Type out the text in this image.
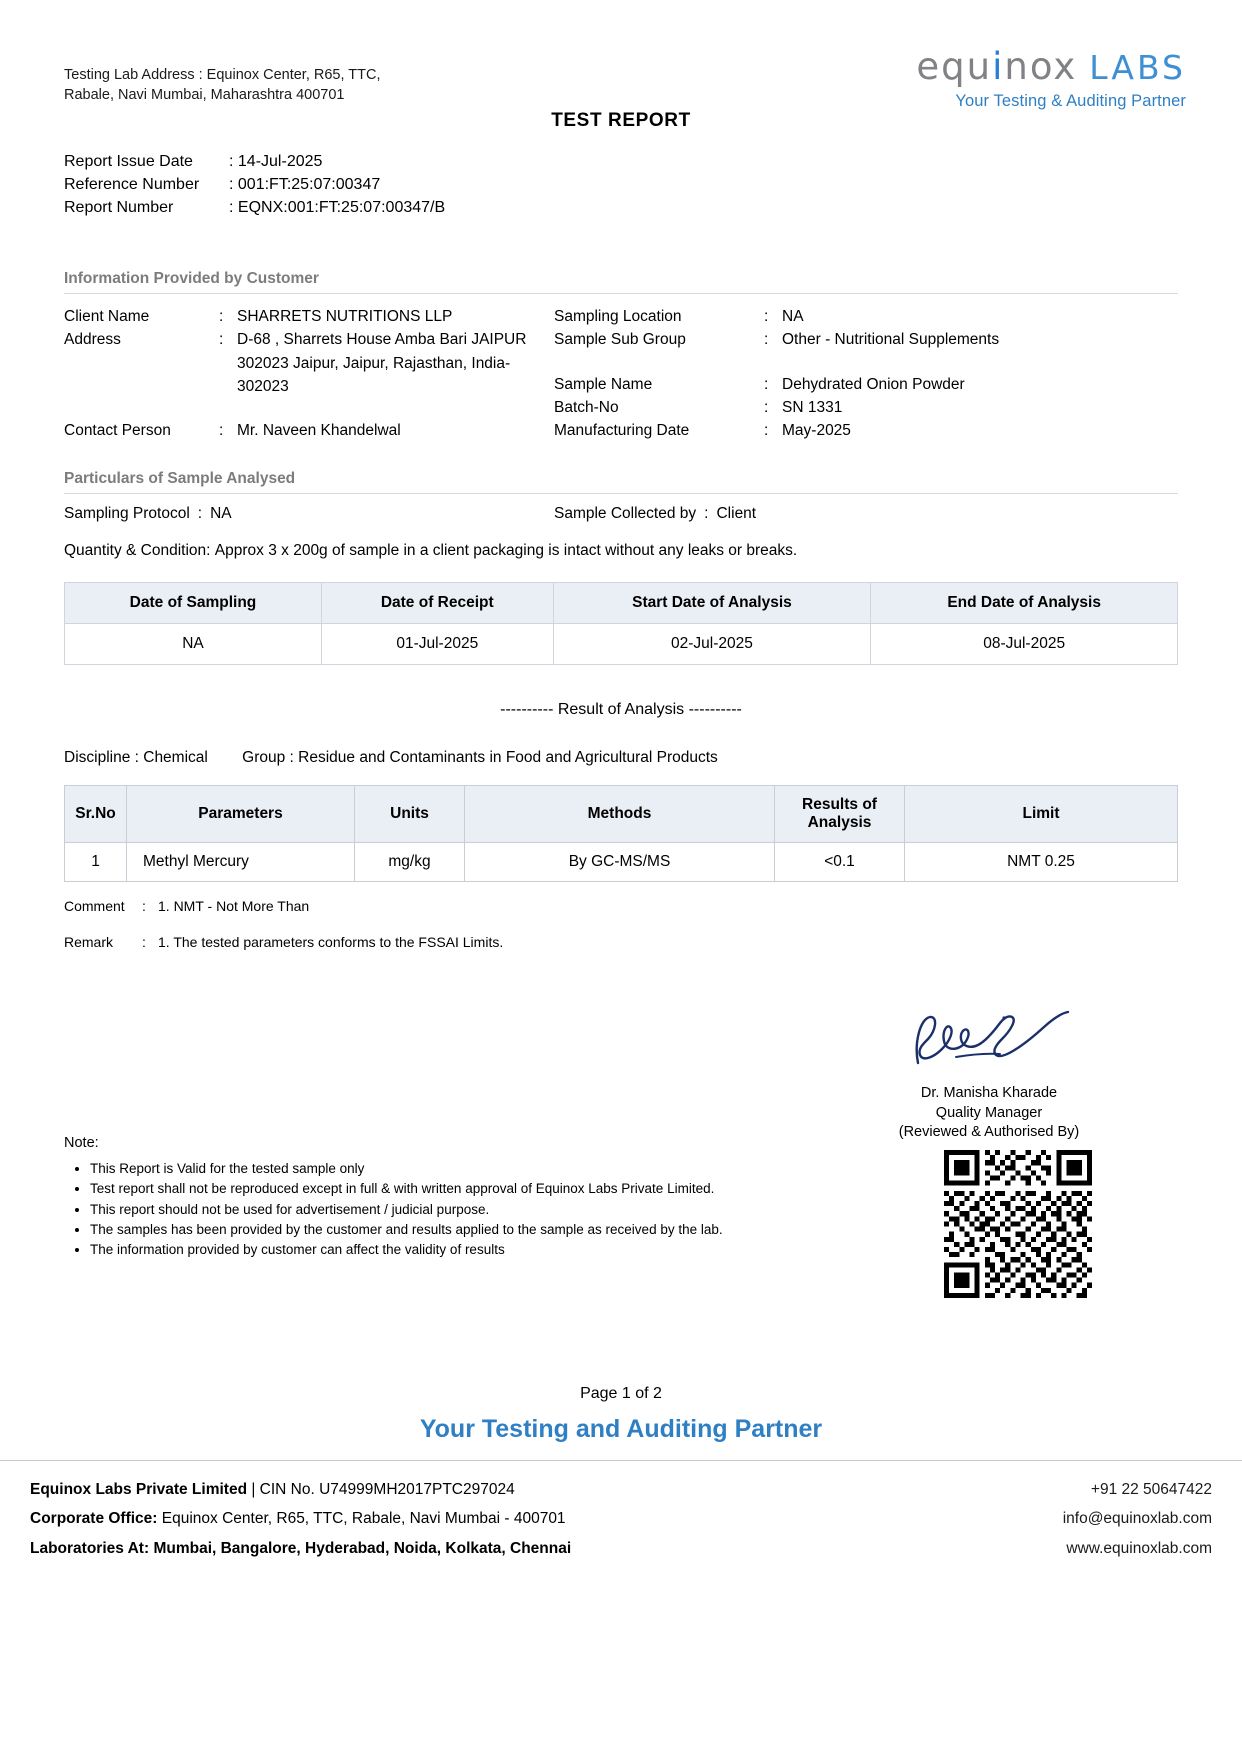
Testing Lab Address : Equinox Center, R65, TTC, Rabale, Navi Mumbai, Maharashtra 400701
equinox LABS
Your Testing & Auditing Partner
TEST REPORT
Report Issue Date	: 14-Jul-2025
Reference Number	: 001:FT:25:07:00347
Report Number	: EQNX:001:FT:25:07:00347/B
Information Provided by Customer
Client Name	: SHARRETS NUTRITIONS LLP
Address	: D-68 , Sharrets House Amba Bari JAIPUR 302023 Jaipur, Jaipur, Rajasthan, India-302023
Contact Person	: Mr. Naveen Khandelwal
Sampling Location	: NA
Sample Sub Group	: Other - Nutritional Supplements
Sample Name	: Dehydrated Onion Powder
Batch-No	: SN 1331
Manufacturing Date	: May-2025
Particulars of Sample Analysed
Sampling Protocol : NA	Sample Collected by : Client
Quantity & Condition: Approx 3 x 200g of sample in a client packaging is intact without any leaks or breaks.
Date of Sampling	Date of Receipt	Start Date of Analysis	End Date of Analysis
NA	01-Jul-2025	02-Jul-2025	08-Jul-2025
---------- Result of Analysis ----------
Discipline : Chemical Group : Residue and Contaminants in Food and Agricultural Products
Sr.No	Parameters	Units	Methods	Results of Analysis	Limit
1	Methyl Mercury	mg/kg	By GC-MS/MS	<0.1	NMT 0.25
Comment	: 1. NMT - Not More Than
Remark	: 1. The tested parameters conforms to the FSSAI Limits.
Dr. Manisha Kharade
Quality Manager
(Reviewed & Authorised By)
Note:
• This Report is Valid for the tested sample only
• Test report shall not be reproduced except in full & with written approval of Equinox Labs Private Limited.
• This report should not be used for advertisement / judicial purpose.
• The samples has been provided by the customer and results applied to the sample as received by the lab.
• The information provided by customer can affect the validity of results
Page 1 of 2
Your Testing and Auditing Partner
Equinox Labs Private Limited | CIN No. U74999MH2017PTC297024	+91 22 50647422
Corporate Office: Equinox Center, R65, TTC, Rabale, Navi Mumbai - 400701	info@equinoxlab.com
Laboratories At: Mumbai, Bangalore, Hyderabad, Noida, Kolkata, Chennai	www.equinoxlab.com
